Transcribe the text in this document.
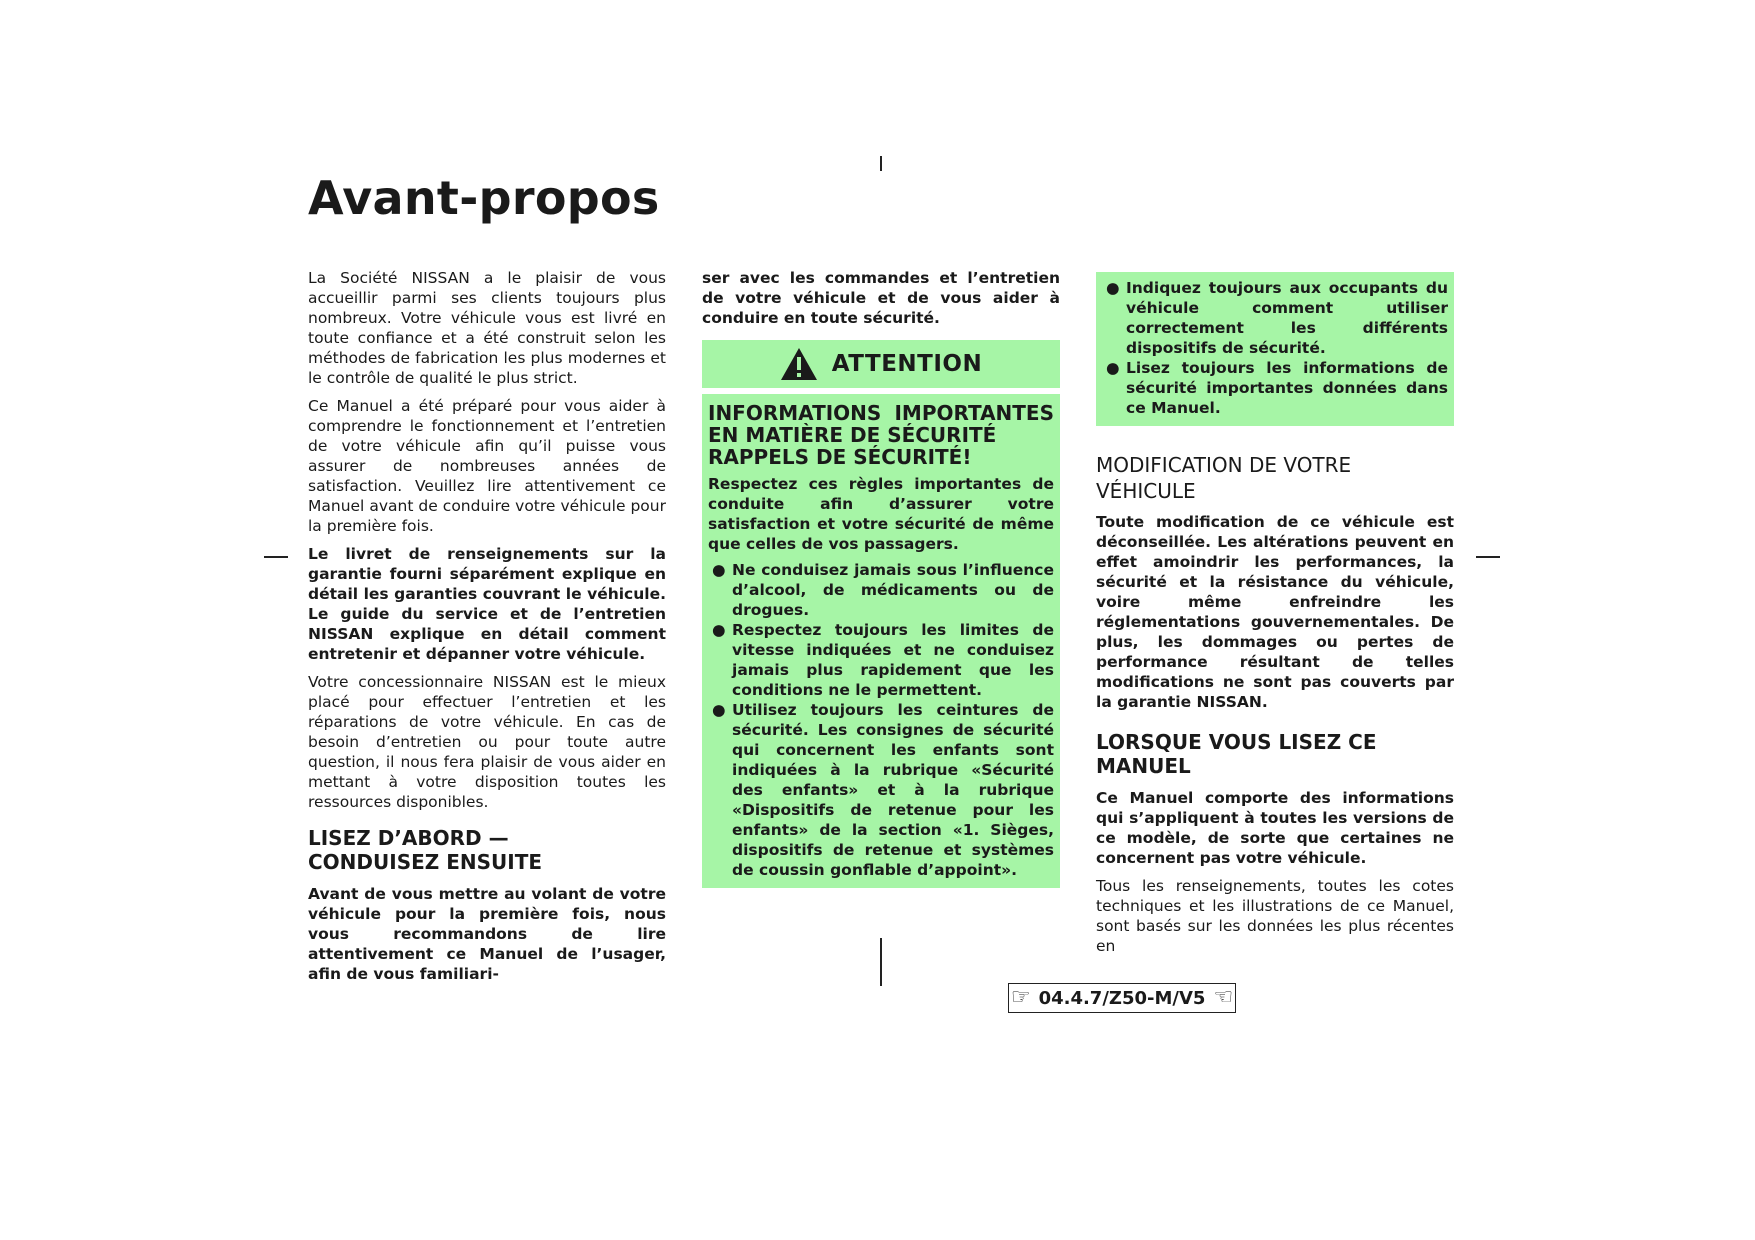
Avant-propos

La Société NISSAN a le plaisir de vous accueillir parmi ses clients toujours plus nombreux. Votre véhicule vous est livré en toute confiance et a été construit selon les méthodes de fabrication les plus modernes et le contrôle de qualité le plus strict.

Ce Manuel a été préparé pour vous aider à comprendre le fonctionnement et l’entretien de votre véhicule afin qu’il puisse vous assurer de nombreuses années de satisfaction. Veuillez lire attentivement ce Manuel avant de conduire votre véhicule pour la première fois.

Le livret de renseignements sur la garantie fourni séparément explique en détail les garanties couvrant le véhicule. Le guide du service et de l’entretien NISSAN explique en détail comment entretenir et dépanner votre véhicule.

Votre concessionnaire NISSAN est le mieux placé pour effectuer l’entretien et les réparations de votre véhicule. En cas de besoin d’entretien ou pour toute autre question, il nous fera plaisir de vous aider en mettant à votre disposition toutes les ressources disponibles.

LISEZ D’ABORD —
CONDUISEZ ENSUITE

Avant de vous mettre au volant de votre véhicule pour la première fois, nous vous recommandons de lire attentivement ce Manuel de l’usager, afin de vous familiari-

ser avec les commandes et l’entretien de votre véhicule et de vous aider à conduire en toute sécurité.

ATTENTION
INFORMATIONS IMPORTANTES
EN MATIÈRE DE SÉCURITÉ
RAPPELS DE SÉCURITÉ!

Respectez ces règles importantes de conduite afin d’assurer votre satisfaction et votre sécurité de même que celles de vos passagers.

● Ne conduisez jamais sous l’influence d’alcool, de médicaments ou de drogues.
● Respectez toujours les limites de vitesse indiquées et ne conduisez jamais plus rapidement que les conditions ne le permettent.
● Utilisez toujours les ceintures de sécurité. Les consignes de sécurité qui concernent les enfants sont indiquées à la rubrique «Sécurité des enfants» et à la rubrique «Dispositifs de retenue pour les enfants» de la section «1. Sièges, dispositifs de retenue et systèmes de coussin gonflable d’appoint».
● Indiquez toujours aux occupants du véhicule comment utiliser correctement les différents dispositifs de sécurité.
● Lisez toujours les informations de sécurité importantes données dans ce Manuel.
MODIFICATION DE VOTRE
VÉHICULE

Toute modification de ce véhicule est déconseillée. Les altérations peuvent en effet amoindrir les performances, la sécurité et la résistance du véhicule, voire même enfreindre les réglementations gouvernementales. De plus, les dommages ou pertes de performance résultant de telles modifications ne sont pas couverts par la garantie NISSAN.

LORSQUE VOUS LISEZ CE
MANUEL

Ce Manuel comporte des informations qui s’appliquent à toutes les versions de ce modèle, de sorte que certaines ne concernent pas votre véhicule.

Tous les renseignements, toutes les cotes techniques et les illustrations de ce Manuel, sont basés sur les données les plus récentes en

☞ 04.4.7/Z50-M/V5 ☜
